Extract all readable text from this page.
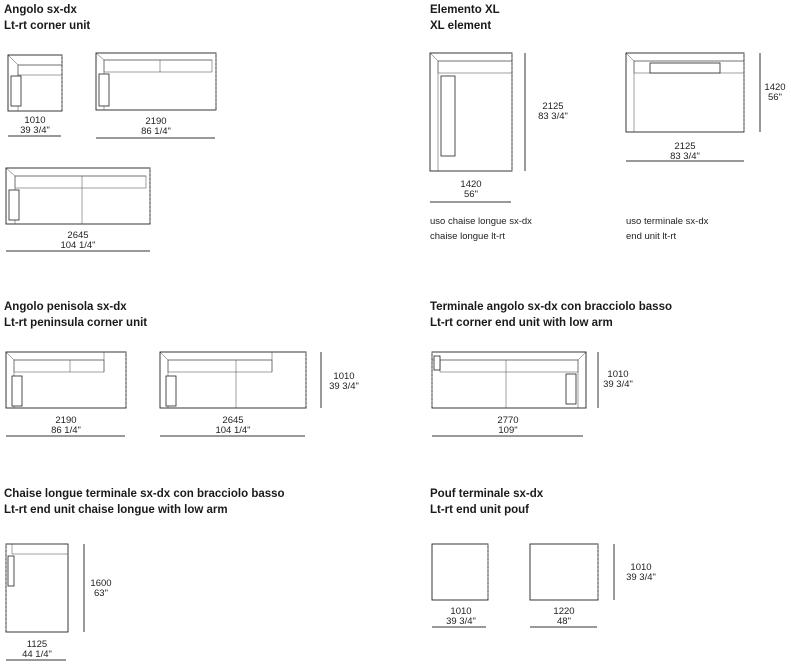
Angolo sx-dx
Lt-rt corner unit
Elemento XL
XL element
Angolo penisola sx-dx
Lt-rt peninsula corner unit
Terminale angolo sx-dx con bracciolo basso
Lt-rt corner end unit with low arm
Chaise longue terminale sx-dx con bracciolo basso
Lt-rt end unit chaise longue with low arm
Pouf terminale sx-dx
Lt-rt end unit pouf
1010
39 3/4"
2190
86 1/4"
2645
104 1/4"
2125
83 3/4"
1420
56"
1420
56"
2125
83 3/4"
uso chaise longue sx-dx
chaise longue lt-rt
uso terminale sx-dx
end unit lt-rt
2190
86 1/4"
2645
104 1/4"
1010
39 3/4"
2770
109"
1010
39 3/4"
1600
63"
1125
44 1/4"
1010
39 3/4"
1220
48"
1010
39 3/4"
